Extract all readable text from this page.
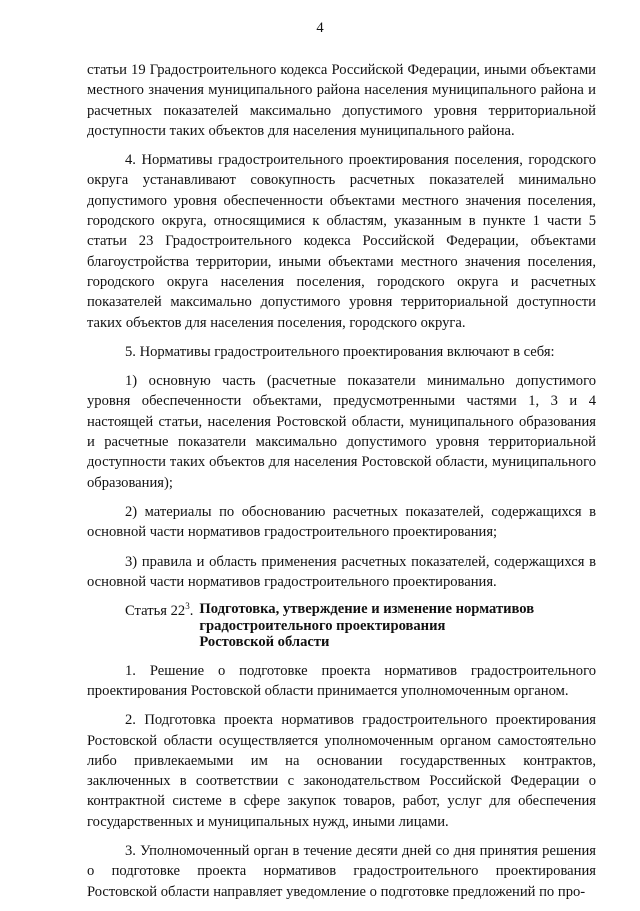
4

статьи 19 Градостроительного кодекса Российской Федерации, иными объектами местного значения муниципального района населения муниципального района и расчетных показателей максимально допустимого уровня территориальной доступности таких объектов для населения муниципального района.

4. Нормативы градостроительного проектирования поселения, городского округа устанавливают совокупность расчетных показателей минимально допустимого уровня обеспеченности объектами местного значения поселения, городского округа, относящимися к областям, указанным в пункте 1 части 5 статьи 23 Градостроительного кодекса Российской Федерации, объектами благоустройства территории, иными объектами местного значения поселения, городского округа населения поселения, городского округа и расчетных показателей максимально допустимого уровня территориальной доступности таких объектов для населения поселения, городского округа.

5. Нормативы градостроительного проектирования включают в себя:

1) основную часть (расчетные показатели минимально допустимого уровня обеспеченности объектами, предусмотренными частями 1, 3 и 4 настоящей статьи, населения Ростовской области, муниципального образования и расчетные показатели максимально допустимого уровня территориальной доступности таких объектов для населения Ростовской области, муниципального образования);

2) материалы по обоснованию расчетных показателей, содержащихся в основной части нормативов градостроительного проектирования;

3) правила и область применения расчетных показателей, содержащихся в основной части нормативов градостроительного проектирования.

Статья $22^3$. Подготовка, утверждение и изменение нормативов
градостроительного проектирования
Ростовской области

1. Решение о подготовке проекта нормативов градостроительного проектирования Ростовской области принимается уполномоченным органом.

2. Подготовка проекта нормативов градостроительного проектирования Ростовской области осуществляется уполномоченным органом самостоятельно либо привлекаемыми им на основании государственных контрактов, заключенных в соответствии с законодательством Российской Федерации о контрактной системе в сфере закупок товаров, работ, услуг для обеспечения государственных и муниципальных нужд, иными лицами.

3. Уполномоченный орган в течение десяти дней со дня принятия решения о подготовке проекта нормативов градостроительного проектирования Ростовской области направляет уведомление о подготовке предложений по про-
